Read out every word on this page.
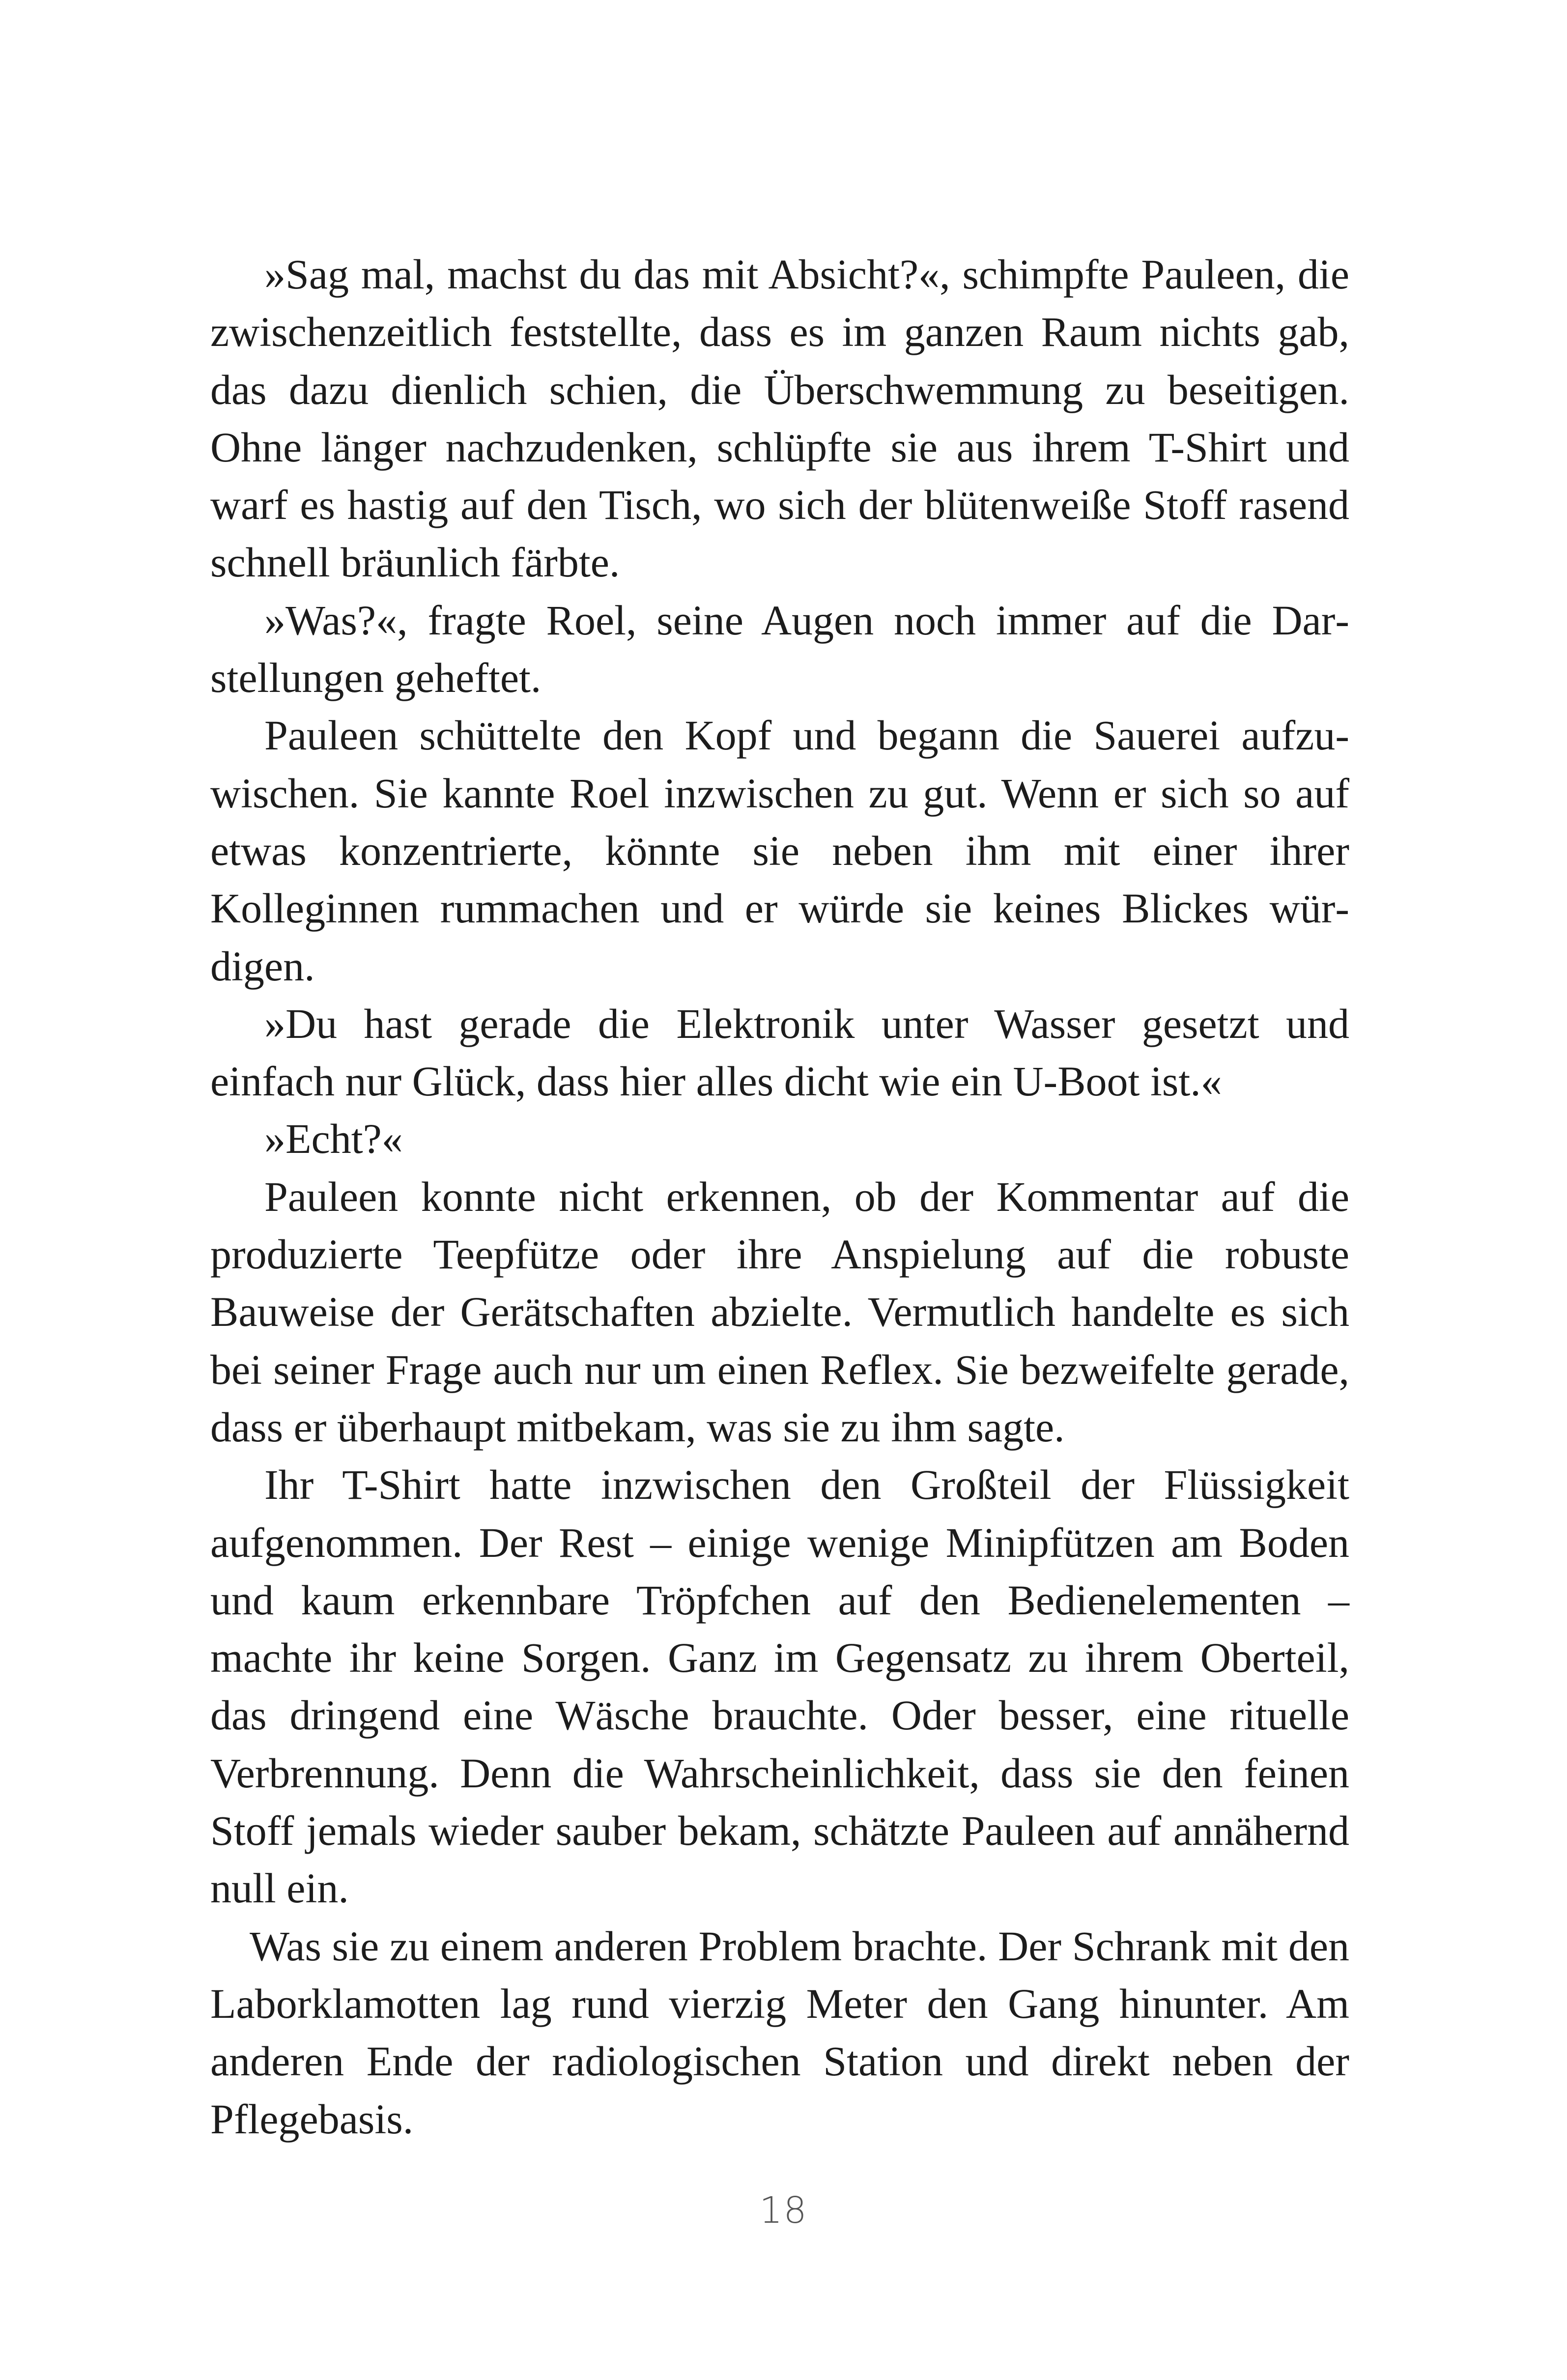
»Sag mal, machst du das mit Absicht?«, schimpfte Pauleen, die zwischenzeitlich feststellte, dass es im ganzen Raum nichts gab, das dazu dienlich schien, die Überschwemmung zu beseitigen. Ohne länger nachzudenken, schlüpfte sie aus ihrem T-Shirt und warf es hastig auf den Tisch, wo sich der blütenweiße Stoff rasend schnell bräunlich färbte.

»Was?«, fragte Roel, seine Augen noch immer auf die Darstellungen geheftet.

Pauleen schüttelte den Kopf und begann die Sauerei aufzuwischen. Sie kannte Roel inzwischen zu gut. Wenn er sich so auf etwas konzentrierte, könnte sie neben ihm mit einer ihrer Kolleginnen rummachen und er würde sie keines Blickes würdigen.

»Du hast gerade die Elektronik unter Wasser gesetzt und einfach nur Glück, dass hier alles dicht wie ein U-Boot ist.«

»Echt?«

Pauleen konnte nicht erkennen, ob der Kommentar auf die produzierte Teepfütze oder ihre Anspielung auf die robuste Bauweise der Gerätschaften abzielte. Vermutlich handelte es sich bei seiner Frage auch nur um einen Reflex. Sie bezweifelte gerade, dass er überhaupt mitbekam, was sie zu ihm sagte.

Ihr T-Shirt hatte inzwischen den Großteil der Flüssigkeit aufgenommen. Der Rest – einige wenige Minipfützen am Boden und kaum erkennbare Tröpfchen auf den Bedienelementen – machte ihr keine Sorgen. Ganz im Gegensatz zu ihrem Oberteil, das dringend eine Wäsche brauchte. Oder besser, eine rituelle Verbrennung. Denn die Wahrscheinlichkeit, dass sie den feinen Stoff jemals wieder sauber bekam, schätzte Pauleen auf annähernd null ein.

Was sie zu einem anderen Problem brachte. Der Schrank mit den Laborklamotten lag rund vierzig Meter den Gang hinunter. Am anderen Ende der radiologischen Station und direkt neben der Pflegebasis.

18
